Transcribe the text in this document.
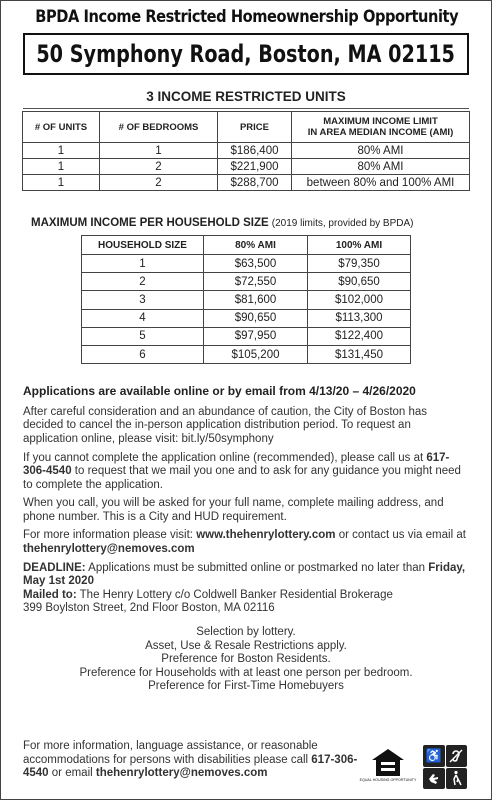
BPDA Income Restricted Homeownership Opportunity
50 Symphony Road, Boston, MA 02115
3 INCOME RESTRICTED UNITS
# OF UNITS	# OF BEDROOMS	PRICE	MAXIMUM INCOME LIMIT
IN AREA MEDIAN INCOME (AMI)
1	1	$186,400	80% AMI
1	2	$221,900	80% AMI
1	2	$288,700	between 80% and 100% AMI
MAXIMUM INCOME PER HOUSEHOLD SIZE (2019 limits, provided by BPDA)
HOUSEHOLD SIZE	80% AMI	100% AMI
1	$63,500	$79,350
2	$72,550	$90,650
3	$81,600	$102,000
4	$90,650	$113,300
5	$97,950	$122,400
6	$105,200	$131,450

Applications are available online or by email from 4/13/20 – 4/26/2020

After careful consideration and an abundance of caution, the City of Boston has decided to cancel the in-person application distribution period. To request an application online, please visit: bit.ly/50symphony

If you cannot complete the application online (recommended), please call us at 617-306-4540 to request that we mail you one and to ask for any guidance you might need to complete the application.

When you call, you will be asked for your full name, complete mailing address, and phone number. This is a City and HUD requirement.

For more information please visit: www.thehenrylottery.com or contact us via email at thehenrylottery@nemoves.com

DEADLINE: Applications must be submitted online or postmarked no later than Friday, May 1st 2020

Mailed to: The Henry Lottery c/o Coldwell Banker Residential Brokerage
399 Boylston Street, 2nd Floor Boston, MA 02116

Selection by lottery.

Asset, Use & Resale Restrictions apply.

Preference for Boston Residents.

Preference for Households with at least one person per bedroom.

Preference for First-Time Homebuyers

For more information, language assistance, or reasonable accommodations for persons with disabilities please call 617-306-4540 or email thehenrylottery@nemoves.com
EQUAL HOUSING OPPORTUNITY
♿
